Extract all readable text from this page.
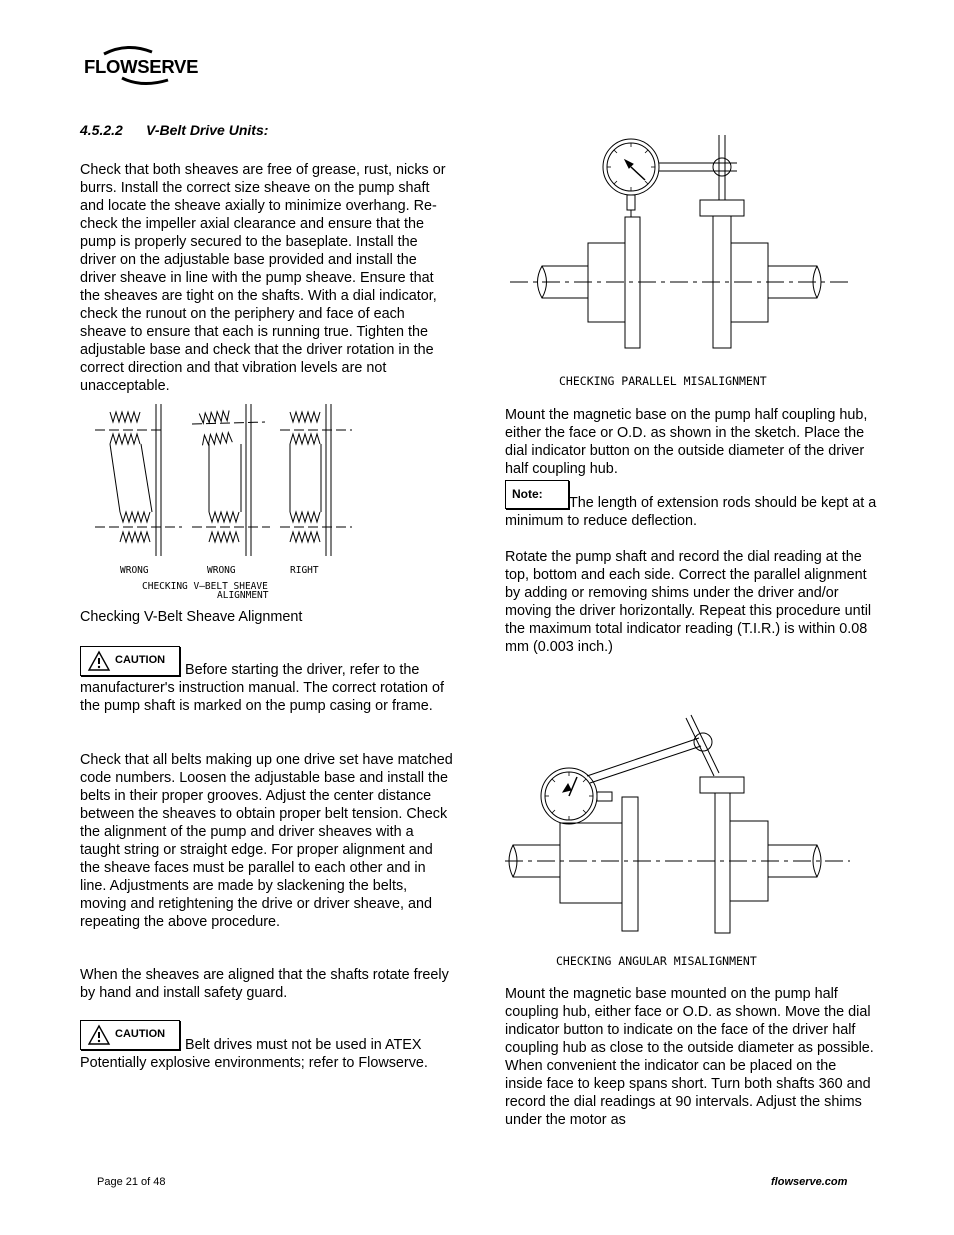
FLOWSERVE
4.5.2.2 V-Belt Drive Units:
Check that both sheaves are free of grease, rust, nicks or burrs. Install the correct size sheave on the pump shaft and locate the sheave axially to minimize overhang. Re-check the impeller axial clearance and ensure that the pump is properly secured to the baseplate. Install the driver on the adjustable base provided and install the driver sheave in line with the pump sheave. Ensure that the sheaves are tight on the shafts. With a dial indicator, check the runout on the periphery and face of each sheave to ensure that each is running true. Tighten the adjustable base and check that the driver rotation in the correct direction and that vibration levels are not unacceptable.
WRONG	WRONG	RIGHT
CHECKING V–BELT SHEAVE
ALIGNMENT
Checking V-Belt Sheave Alignment
CAUTION
Before starting the driver, refer to the manufacturer's instruction manual. The correct rotation of the pump shaft is marked on the pump casing or frame.
Check that all belts making up one drive set have matched code numbers. Loosen the adjustable base and install the belts in their proper grooves. Adjust the center distance between the sheaves to obtain proper belt tension. Check the alignment of the pump and driver sheaves with a taught string or straight edge. For proper alignment and the sheave faces must be parallel to each other and in line. Adjustments are made by slackening the belts, moving and retightening the drive or driver sheave, and repeating the above procedure.
When the sheaves are aligned that the shafts rotate freely by hand and install safety guard.
CAUTION
Belt drives must not be used in ATEX Potentially explosive environments; refer to Flowserve.
CHECKING PARALLEL MISALIGNMENT
Mount the magnetic base on the pump half coupling hub, either the face or O.D. as shown in the sketch. Place the dial indicator button on the outside diameter of the driver half coupling hub.
Note:
The length of extension rods should be kept at a minimum to reduce deflection.
Rotate the pump shaft and record the dial reading at the top, bottom and each side. Correct the parallel alignment by adding or removing shims under the driver and/or moving the driver horizontally. Repeat this procedure until the maximum total indicator reading (T.I.R.) is within 0.08 mm (0.003 inch.)
CHECKING ANGULAR MISALIGNMENT
Mount the magnetic base mounted on the pump half coupling hub, either face or O.D. as shown. Move the dial indicator button to indicate on the face of the driver half coupling hub as close to the outside diameter as possible. When convenient the indicator can be placed on the inside face to keep spans short. Turn both shafts 360 and record the dial readings at 90 intervals. Adjust the shims under the motor as
Page 21 of 48	flowserve.com
